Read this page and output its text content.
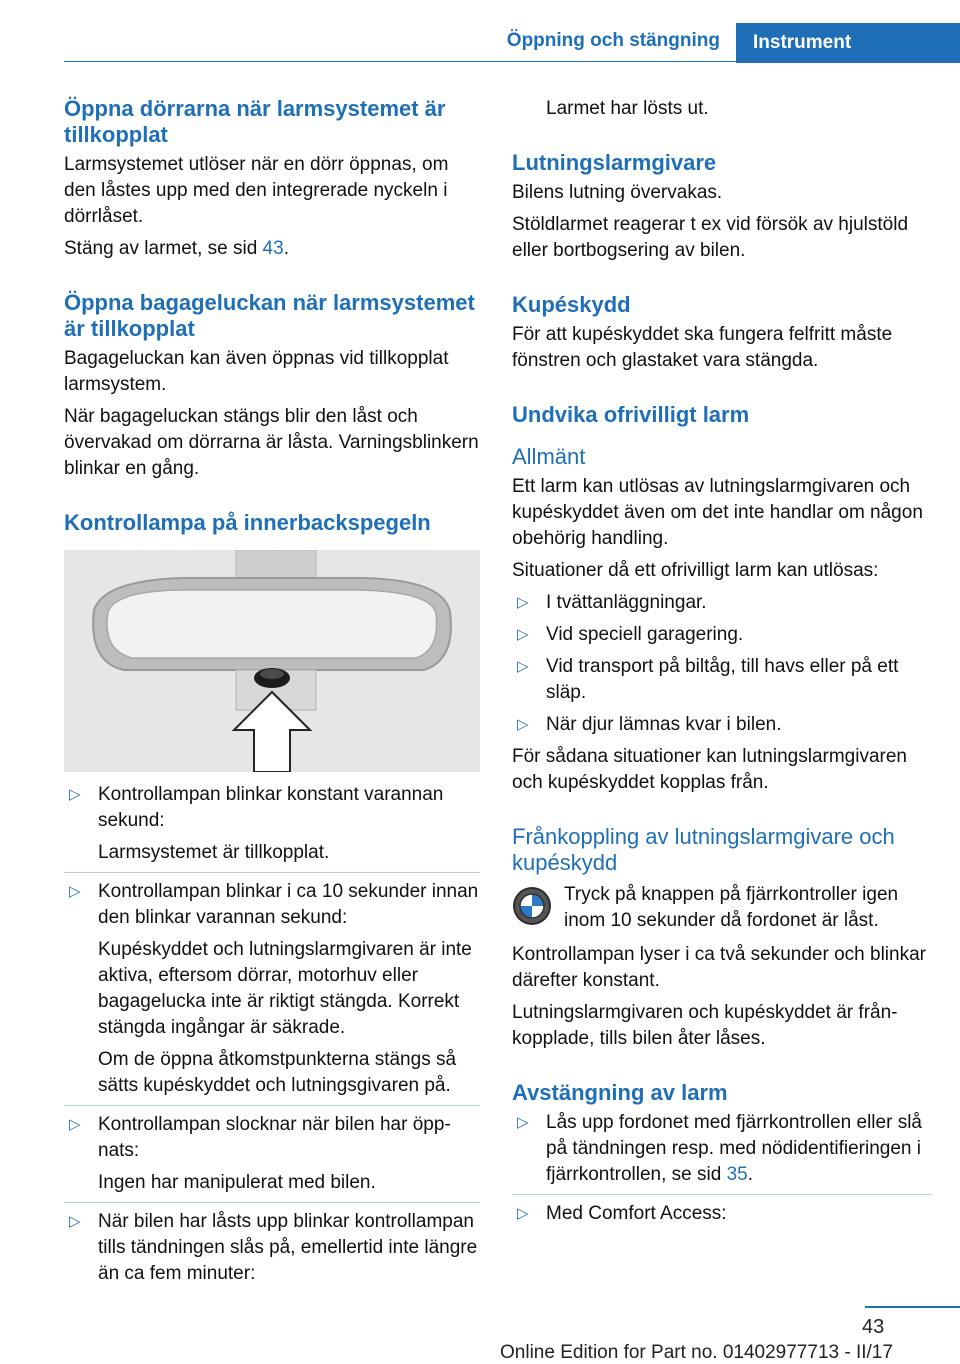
Öppning och stängning	Instrument
Öppna dörrarna när larmsystemet är tillkopplat

Larmsystemet utlöser när en dörr öppnas, om den låstes upp med den integrerade nyckeln i dörrlåset.

Stäng av larmet, se sid 43.

Öppna bagageluckan när larmsystemet är tillkopplat

Bagageluckan kan även öppnas vid tillkopplat larmsystem.

När bagageluckan stängs blir den låst och övervakad om dörrarna är låsta. Varningsblinkern blinkar en gång.

Kontrollampa på innerbackspegeln
▷ Kontrollampan blinkar konstant varannan sekund:

Larmsystemet är tillkopplat.

▷ Kontrollampan blinkar i ca 10 sekunder innan den blinkar varannan sekund:

Kupéskyddet och lutningslarmgivaren är inte aktiva, eftersom dörrar, motorhuv eller bagagelucka inte är riktigt stängda. Korrekt stängda ingångar är säkrade.

Om de öppna åtkomstpunkterna stängs så sätts kupéskyddet och lutningsgivaren på.

▷ Kontrollampan slocknar när bilen har öppnats:

Ingen har manipulerat med bilen.

▷ När bilen har låsts upp blinkar kontrollampan tills tändningen slås på, emellertid inte längre än ca fem minuter:

Larmet har lösts ut.

Lutningslarmgivare

Bilens lutning övervakas.

Stöldlarmet reagerar t ex vid försök av hjulstöld eller bortbogsering av bilen.

Kupéskydd

För att kupéskyddet ska fungera felfritt måste fönstren och glastaket vara stängda.

Undvika ofrivilligt larm
Allmänt

Ett larm kan utlösas av lutningslarmgivaren och kupéskyddet även om det inte handlar om någon obehörig handling.

Situationer då ett ofrivilligt larm kan utlösas:

▷ I tvättanläggningar.
▷ Vid speciell garagering.
▷ Vid transport på biltåg, till havs eller på ett släp.
▷ När djur lämnas kvar i bilen.

För sådana situationer kan lutningslarmgivaren och kupéskyddet kopplas från.

Frånkoppling av lutningslarmgivare och kupéskydd
Tryck på knappen på fjärrkontroller igen inom 10 sekunder då fordonet är låst.

Kontrollampan lyser i ca två sekunder och blinkar därefter konstant.

Lutningslarmgivaren och kupéskyddet är frånkopplade, tills bilen åter låses.

Avstängning av larm
▷ Lås upp fordonet med fjärrkontrollen eller slå på tändningen resp. med nödidentifieringen i fjärrkontrollen, se sid 35.
▷ Med Comfort Access:
43
Online Edition for Part no. 01402977713 - II/17
